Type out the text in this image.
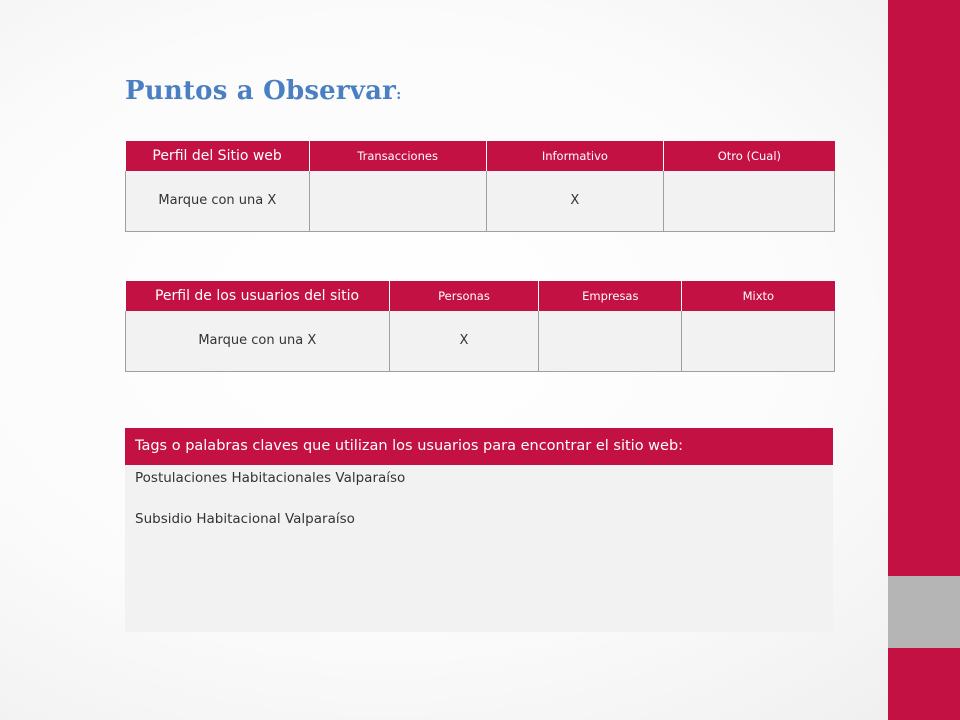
Puntos a Observar:
Perfil del Sitio web	Transacciones	Informativo	Otro (Cual)
Marque con una X		X	
Perfil de los usuarios del sitio	Personas	Empresas	Mixto
Marque con una X	X		
Tags o palabras claves que utilizan los usuarios para encontrar el sitio web:
Postulaciones Habitacionales Valparaíso
Subsidio Habitacional Valparaíso
